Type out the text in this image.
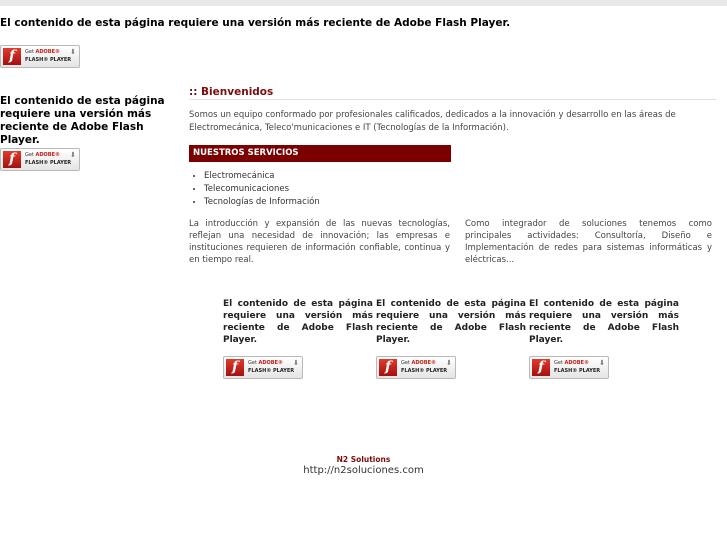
El contenido de esta página requiere una versión más reciente de Adobe Flash Player.
f	Get ADOBE®
FLASH® PLAYER
⬇
El contenido de esta página requiere una versión más reciente de Adobe Flash Player.
f	Get ADOBE®
FLASH® PLAYER
⬇
:: Bienvenidos
Somos un equipo conformado por profesionales calificados, dedicados a la innovación y desarrollo en las áreas de Electromecánica, Teleco'municaciones e IT (Tecnologías de la Información).
NUESTROS SERVICIOS
• Electromecánica
• Telecomunicaciones
• Tecnologías de Información
La introducción y expansión de las nuevas tecnologías, reflejan una necesidad de innovación; las empresas e instituciones requieren de información confiable, continua y en tiempo real.
Como integrador de soluciones tenemos como principales actividades: Consultoría, Diseño e Implementación de redes para sistemas informáticas y eléctricas...
El contenido de esta página requiere una versión más reciente de Adobe Flash Player.
El contenido de esta página requiere una versión más reciente de Adobe Flash Player.
El contenido de esta página requiere una versión más reciente de Adobe Flash Player.
f	Get ADOBE®
FLASH® PLAYER
⬇	f	Get ADOBE®
FLASH® PLAYER
⬇	f	Get ADOBE®
FLASH® PLAYER
⬇
N2 Solutions
http://n2soluciones.com
